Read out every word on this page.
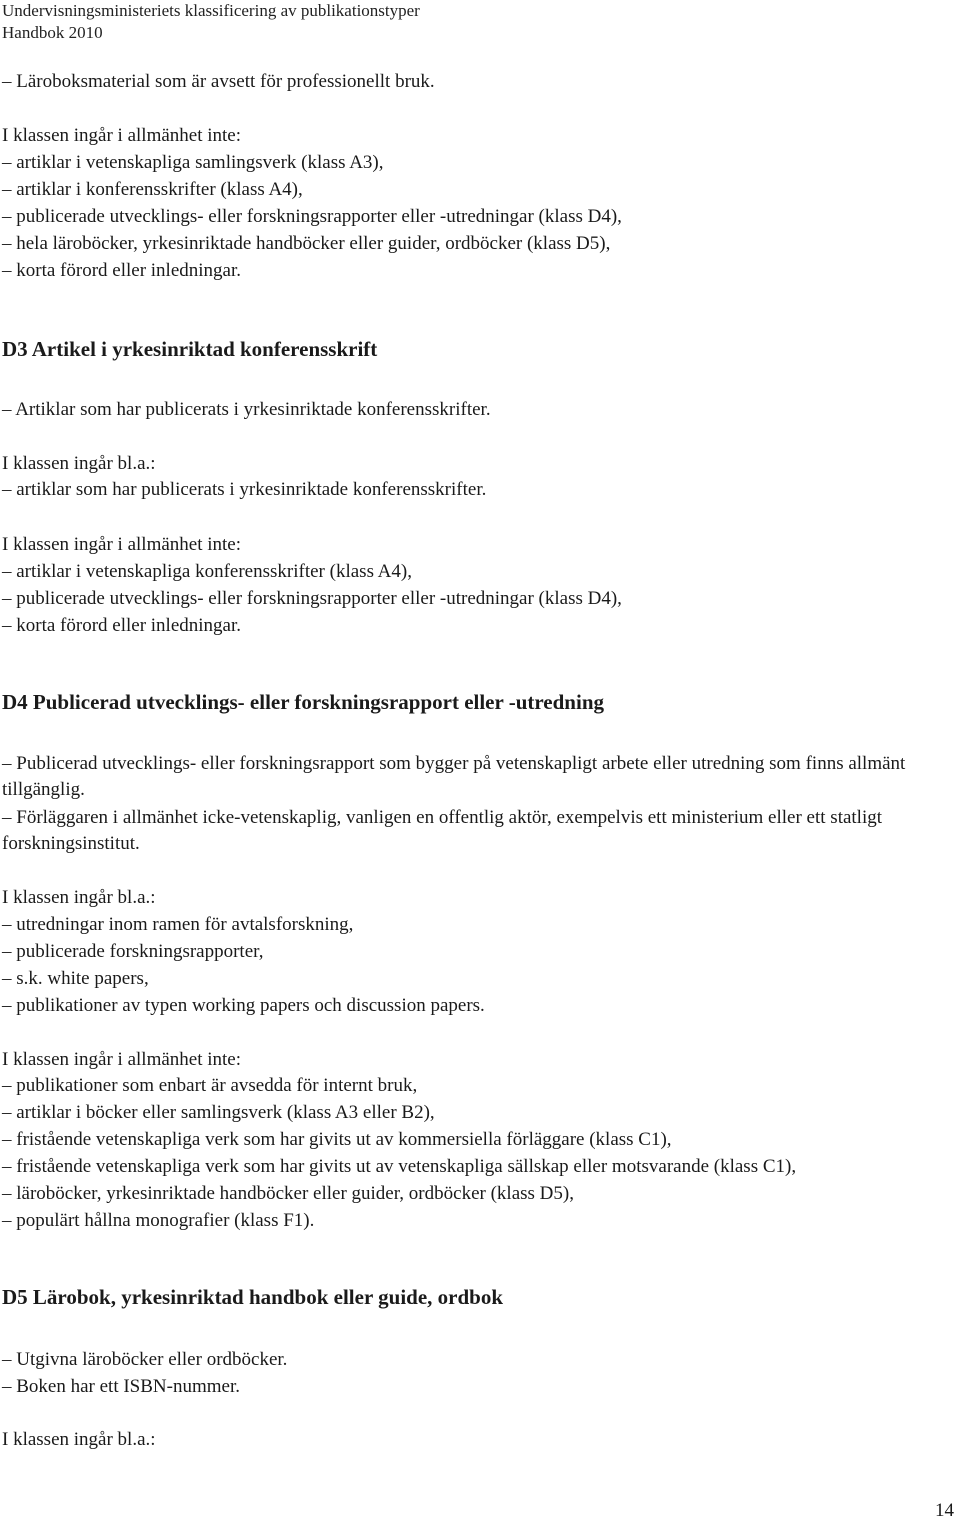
Undervisningsministeriets klassificering av publikationstyper
Handbok 2010
– Läroboksmaterial som är avsett för professionellt bruk.
I klassen ingår i allmänhet inte:
– artiklar i vetenskapliga samlingsverk (klass A3),
– artiklar i konferensskrifter (klass A4),
– publicerade utvecklings- eller forskningsrapporter eller -utredningar (klass D4),
– hela läroböcker, yrkesinriktade handböcker eller guider, ordböcker (klass D5),
– korta förord eller inledningar.
D3 Artikel i yrkesinriktad konferensskrift
– Artiklar som har publicerats i yrkesinriktade konferensskrifter.
I klassen ingår bl.a.:
– artiklar som har publicerats i yrkesinriktade konferensskrifter.
I klassen ingår i allmänhet inte:
– artiklar i vetenskapliga konferensskrifter (klass A4),
– publicerade utvecklings- eller forskningsrapporter eller -utredningar (klass D4),
– korta förord eller inledningar.
D4 Publicerad utvecklings- eller forskningsrapport eller -utredning
– Publicerad utvecklings- eller forskningsrapport som bygger på vetenskapligt arbete eller utredning som finns allmänt tillgänglig.
– Förläggaren i allmänhet icke-vetenskaplig, vanligen en offentlig aktör, exempelvis ett ministerium eller ett statligt forskningsinstitut.
I klassen ingår bl.a.:
– utredningar inom ramen för avtalsforskning,
– publicerade forskningsrapporter,
– s.k. white papers,
– publikationer av typen working papers och discussion papers.
I klassen ingår i allmänhet inte:
– publikationer som enbart är avsedda för internt bruk,
– artiklar i böcker eller samlingsverk (klass A3 eller B2),
– fristående vetenskapliga verk som har givits ut av kommersiella förläggare (klass C1),
– fristående vetenskapliga verk som har givits ut av vetenskapliga sällskap eller motsvarande (klass C1),
– läroböcker, yrkesinriktade handböcker eller guider, ordböcker (klass D5),
– populärt hållna monografier (klass F1).
D5 Lärobok, yrkesinriktad handbok eller guide, ordbok
– Utgivna läroböcker eller ordböcker.
– Boken har ett ISBN-nummer.
I klassen ingår bl.a.:
14
